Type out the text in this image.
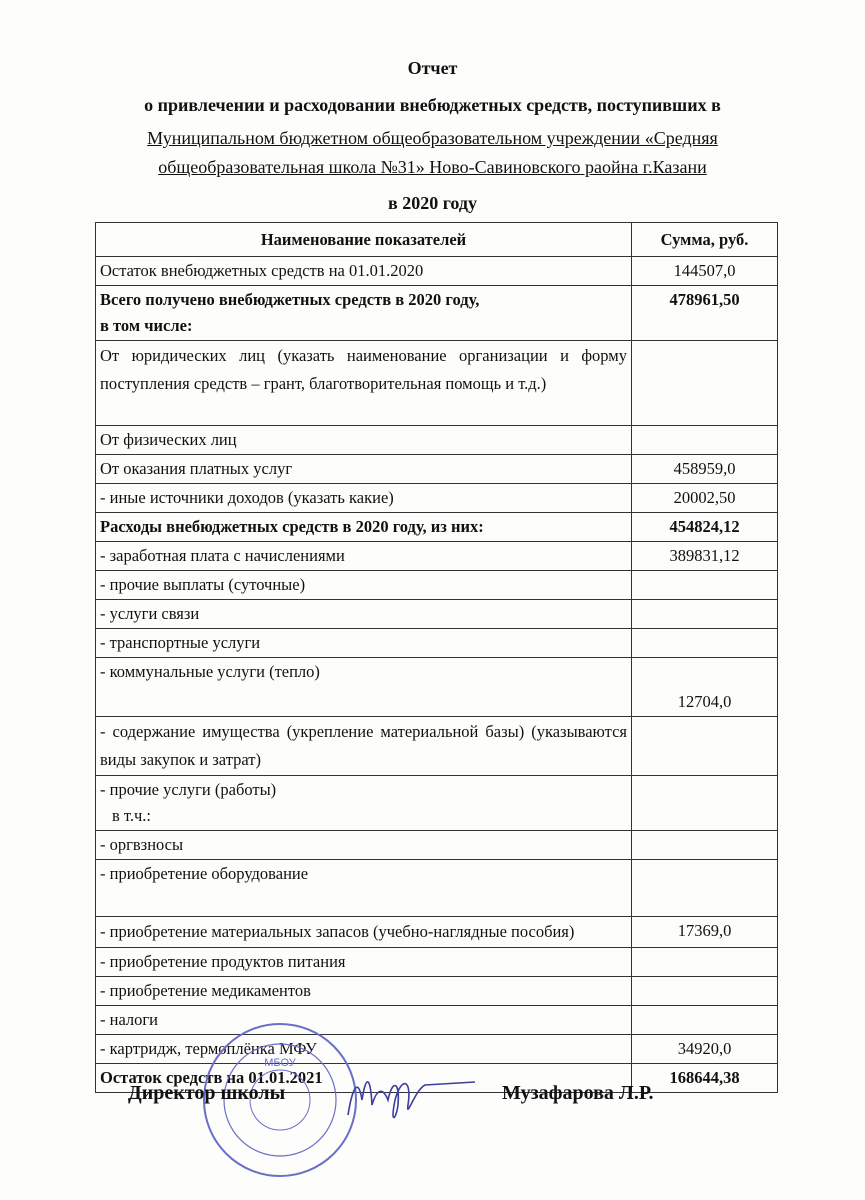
Отчет
о привлечении и расходовании внебюджетных средств, поступивших в
Муниципальном бюджетном общеобразовательном учреждении «Средняя
общеобразовательная школа №31» Ново-Савиновского раойна г.Казани
в 2020 году
Наименование показателей	Сумма, руб.
Остаток внебюджетных средств на 01.01.2020	144507,0
Всего получено внебюджетных средств в 2020 году,
в том числе:	478961,50
От юридических лиц (указать наименование организации и форму поступления средств – грант, благотворительная помощь и т.д.)	
От физических лиц	
От оказания платных услуг	458959,0
- иные источники доходов (указать какие)	20002,50
Расходы внебюджетных средств в 2020 году, из них:	454824,12
- заработная плата с начислениями	389831,12
- прочие выплаты (суточные)	
- услуги связи	
- транспортные услуги	
- коммунальные услуги (тепло)	12704,0
- содержание имущества (укрепление материальной базы) (указываются виды закупок и затрат)	
- прочие услуги (работы)
в т.ч.:	
- оргвзносы	
- приобретение оборудование	
- приобретение материальных запасов (учебно-наглядные пособия)	17369,0
- приобретение продуктов питания	
- приобретение медикаментов	
- налоги	
- картридж, термоплёнка МФУ	34920,0
Остаток средств на 01.01.2021	168644,38
МБОУ
Директор школы	Музафарова Л.Р.
